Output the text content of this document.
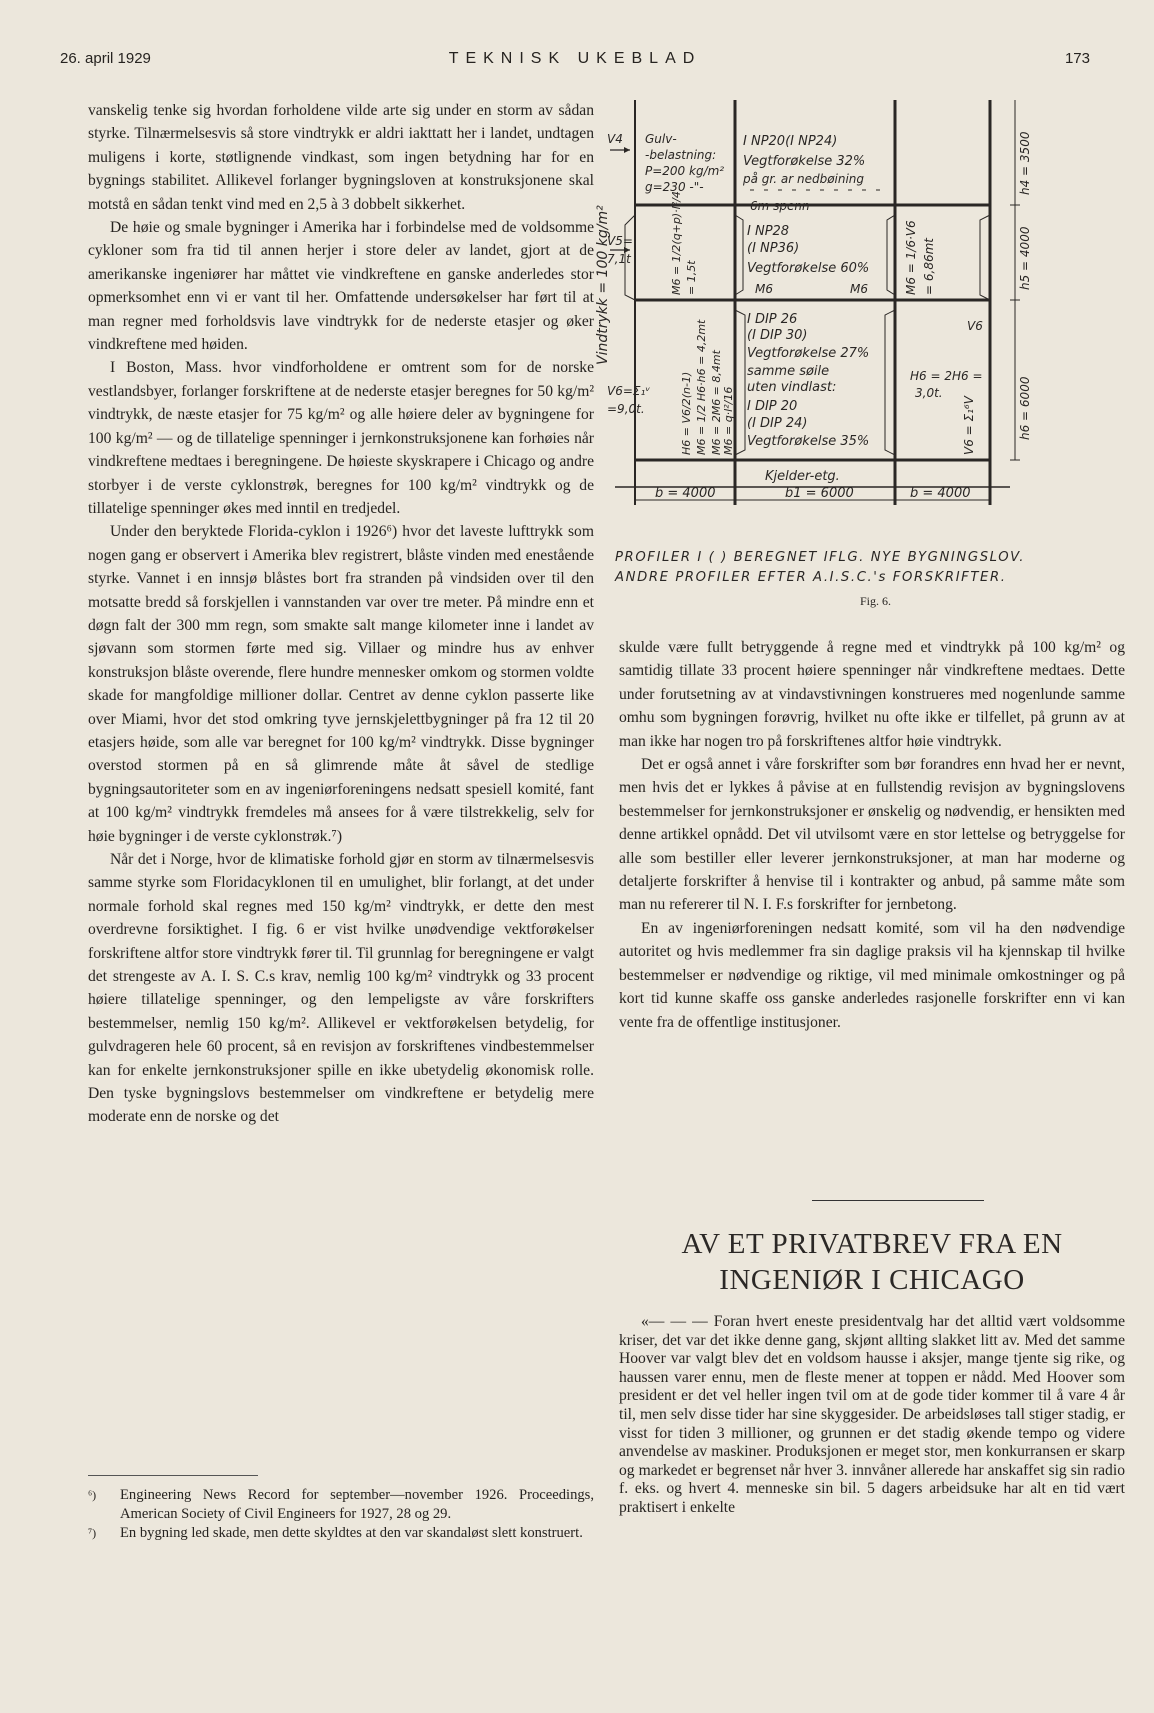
26. april 1929	TEKNISK UKEBLAD	173

vanskelig tenke sig hvordan forholdene vilde arte sig under en storm av sådan styrke. Tilnærmelsesvis så store vindtrykk er aldri iakttatt her i landet, undtagen muligens i korte, støtlignende vindkast, som ingen betydning har for en bygnings stabilitet. Allikevel forlanger bygningsloven at konstruksjonene skal motstå en sådan tenkt vind med en 2,5 à 3 dobbelt sikkerhet.

De høie og smale bygninger i Amerika har i forbindelse med de voldsomme cykloner som fra tid til annen herjer i store deler av landet, gjort at de amerikanske ingeniører har måttet vie vindkreftene en ganske anderledes stor opmerksomhet enn vi er vant til her. Omfattende undersøkelser har ført til at man regner med forholdsvis lave vindtrykk for de nederste etasjer og øker vindkreftene med høiden.

I Boston, Mass. hvor vindforholdene er omtrent som for de norske vestlandsbyer, forlanger forskriftene at de nederste etasjer beregnes for 50 kg/m² vindtrykk, de næste etasjer for 75 kg/m² og alle høiere deler av bygningene for 100 kg/m² — og de tillatelige spenninger i jernkonstruksjonene kan forhøies når vindkreftene medtaes i beregningene. De høieste skyskrapere i Chicago og andre storbyer i de verste cyklonstrøk, beregnes for 100 kg/m² vindtrykk og de tillatelige spenninger økes med inntil en tredjedel.

Under den beryktede Florida-cyklon i 1926⁶) hvor det laveste lufttrykk som nogen gang er observert i Amerika blev registrert, blåste vinden med enestående styrke. Vannet i en innsjø blåstes bort fra stranden på vindsiden over til den motsatte bredd så forskjellen i vannstanden var over tre meter. På mindre enn et døgn falt der 300 mm regn, som smakte salt mange kilometer inne i landet av sjøvann som stormen førte med sig. Villaer og mindre hus av enhver konstruksjon blåste overende, flere hundre mennesker omkom og stormen voldte skade for mangfoldige millioner dollar. Centret av denne cyklon passerte like over Miami, hvor det stod omkring tyve jernskjelettbygninger på fra 12 til 20 etasjers høide, som alle var beregnet for 100 kg/m² vindtrykk. Disse bygninger overstod stormen på en så glimrende måte åt såvel de stedlige bygningsautoriteter som en av ingeniørforeningens nedsatt spesiell komité, fant at 100 kg/m² vindtrykk fremdeles må ansees for å være tilstrekkelig, selv for høie bygninger i de verste cyklonstrøk.⁷)

Når det i Norge, hvor de klimatiske forhold gjør en storm av tilnærmelsesvis samme styrke som Floridacyklonen til en umulighet, blir forlangt, at det under normale forhold skal regnes med 150 kg/m² vindtrykk, er dette den mest overdrevne forsiktighet. I fig. 6 er vist hvilke unødvendige vektforøkelser forskriftene altfor store vindtrykk fører til. Til grunnlag for beregningene er valgt det strengeste av A. I. S. C.s krav, nemlig 100 kg/m² vindtrykk og 33 procent høiere tillatelige spenninger, og den lempeligste av våre forskrifters bestemmelser, nemlig 150 kg/m². Allikevel er vektforøkelsen betydelig, for gulvdrageren hele 60 procent, så en revisjon av forskriftenes vindbestemmelser kan for enkelte jernkonstruksjoner spille en ikke ubetydelig økonomisk rolle. Den tyske bygningslovs bestemmelser om vindkreftene er betydelig mere moderate enn de norske og det

⁶) Engineering News Record for september—november 1926. Proceedings, American Society of Civil Engineers for 1927, 28 og 29.
⁷) En bygning led skade, men dette skyldtes at den var skandaløst slett konstruert.
Vindtrykk = 100 kg/m²
V4 Gulv-
-belastning:
P=200 kg/m²
g=230 -"-
V5=
7,1t
V6=Σ₁ᵛ
=9,0t.
I NP20(I NP24)
Vegtforøkelse 32%
på gr. ar nedbøining
6m spenn
I NP28
(I NP36)
Vegtforøkelse 60%
M6	M6
I DIP 26
(I DIP 30)
Vegtforøkelse 27%
samme søile
uten vindlast:
I DIP 20
(I DIP 24)
Vegtforøkelse 35%
Kjelder-etg.
M6 = 1/6·V6 = 6,86mt
H6 = 2H6 =
3,0t.
V6 = Σ₁⁶V
V6
H6 = V6/2(n-1) M6 = 1/2 H6·h6 = 4,2mt M6 = 2M6 = 8,4mt M6 = q·l²/16
M6 = 1/2(q+p)·l²/4 = 1,5t
h4 = 3500
h5 = 4000
h6 = 6000
b = 4000	b1 = 6000	b = 4000
PROFILER I ( ) BEREGNET IFLG. NYE BYGNINGSLOV.
ANDRE PROFILER EFTER A.I.S.C.'s FORSKRIFTER.
Fig. 6.

skulde være fullt betryggende å regne med et vindtrykk på 100 kg/m² og samtidig tillate 33 procent høiere spenninger når vindkreftene medtaes. Dette under forutsetning av at vindavstivningen konstrueres med nogenlunde samme omhu som bygningen forøvrig, hvilket nu ofte ikke er tilfellet, på grunn av at man ikke har nogen tro på forskriftenes altfor høie vindtrykk.

Det er også annet i våre forskrifter som bør forandres enn hvad her er nevnt, men hvis det er lykkes å påvise at en fullstendig revisjon av bygningslovens bestemmelser for jernkonstruksjoner er ønskelig og nødvendig, er hensikten med denne artikkel opnådd. Det vil utvilsomt være en stor lettelse og betryggelse for alle som bestiller eller leverer jernkonstruksjoner, at man har moderne og detaljerte forskrifter å henvise til i kontrakter og anbud, på samme måte som man nu refererer til N. I. F.s forskrifter for jernbetong.

En av ingeniørforeningen nedsatt komité, som vil ha den nødvendige autoritet og hvis medlemmer fra sin daglige praksis vil ha kjennskap til hvilke bestemmelser er nødvendige og riktige, vil med minimale omkostninger og på kort tid kunne skaffe oss ganske anderledes rasjonelle forskrifter enn vi kan vente fra de offentlige institusjoner.

AV ET PRIVATBREV FRA EN
INGENIØR I CHICAGO

«— — — Foran hvert eneste presidentvalg har det alltid vært voldsomme kriser, det var det ikke denne gang, skjønt allting slakket litt av. Med det samme Hoover var valgt blev det en voldsom hausse i aksjer, mange tjente sig rike, og haussen varer ennu, men de fleste mener at toppen er nådd. Med Hoover som president er det vel heller ingen tvil om at de gode tider kommer til å vare 4 år til, men selv disse tider har sine skyggesider. De arbeidsløses tall stiger stadig, er visst for tiden 3 millioner, og grunnen er det stadig økende tempo og videre anvendelse av maskiner. Produksjonen er meget stor, men konkurransen er skarp og markedet er begrenset når hver 3. innvåner allerede har anskaffet sig sin radio f. eks. og hvert 4. menneske sin bil. 5 dagers arbeidsuke har alt en tid vært praktisert i enkelte
